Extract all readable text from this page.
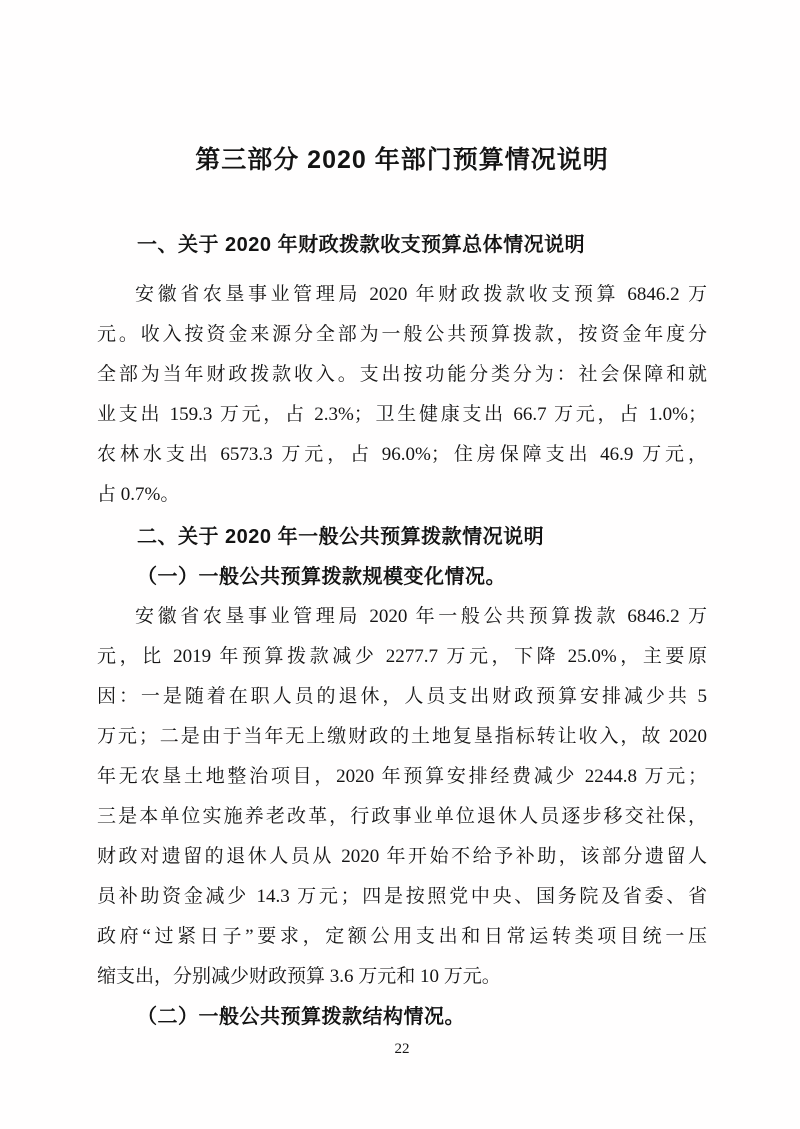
第三部分 2020 年部门预算情况说明
一、关于 2020 年财政拨款收支预算总体情况说明
安徽省农垦事业管理局 2020 年财政拨款收支预算 6846.2 万
元。收入按资金来源分全部为一般公共预算拨款，按资金年度分
全部为当年财政拨款收入。支出按功能分类分为：社会保障和就
业支出 159.3 万元，占 2.3%；卫生健康支出 66.7 万元，占 1.0%；
农林水支出 6573.3 万元，占 96.0%；住房保障支出 46.9 万元，
占 0.7%。
二、关于 2020 年一般公共预算拨款情况说明
（一）一般公共预算拨款规模变化情况。
安徽省农垦事业管理局 2020 年一般公共预算拨款 6846.2 万
元，比 2019 年预算拨款减少 2277.7 万元，下降 25.0%，主要原
因：一是随着在职人员的退休，人员支出财政预算安排减少共 5
万元；二是由于当年无上缴财政的土地复垦指标转让收入，故 2020
年无农垦土地整治项目，2020 年预算安排经费减少 2244.8 万元；
三是本单位实施养老改革，行政事业单位退休人员逐步移交社保，
财政对遗留的退休人员从 2020 年开始不给予补助，该部分遗留人
员补助资金减少 14.3 万元；四是按照党中央、国务院及省委、省
政府“过紧日子”要求，定额公用支出和日常运转类项目统一压
缩支出，分别减少财政预算 3.6 万元和 10 万元。
（二）一般公共预算拨款结构情况。
22
